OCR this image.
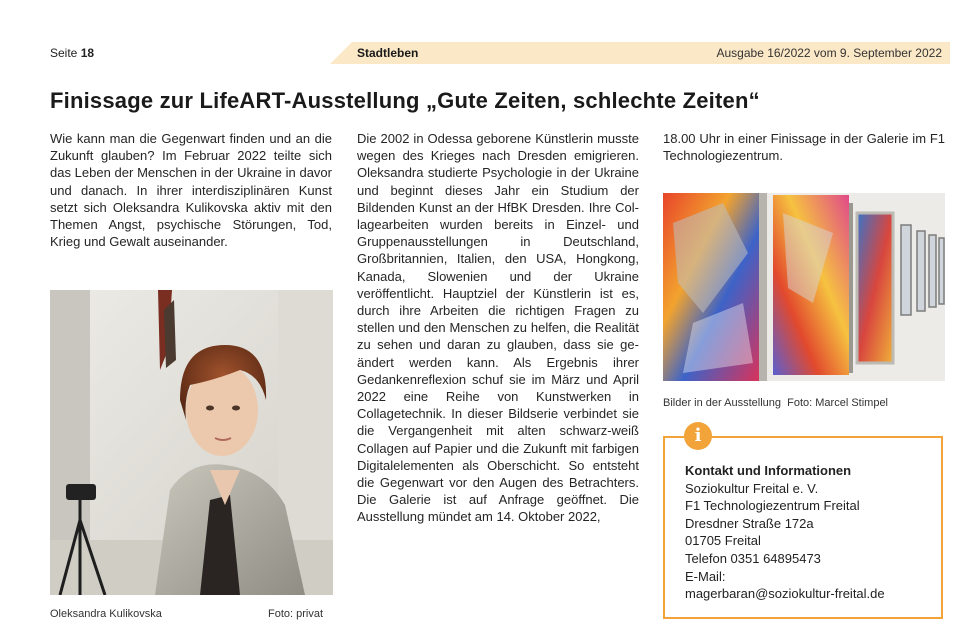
Seite 18	Stadtleben	Ausgabe 16/2022 vom 9. September 2022
Finissage zur LifeART-Ausstellung „Gute Zeiten, schlechte Zeiten“

Wie kann man die Gegenwart finden und an die Zukunft glauben? Im Februar 2022 teilte sich das Leben der Menschen in der Ukraine in davor und danach. In ihrer interdisziplinären Kunst setzt sich Oleksandra Kulikovska aktiv mit den Themen Angst, psychische Störungen, Tod, Krieg und Gewalt auseinander.

Oleksandra Kulikovska	Foto: privat

Die 2002 in Odessa geborene Künstlerin musste wegen des Krieges nach Dresden emigrieren. Oleksandra studierte Psychologie in der Ukraine und beginnt dieses Jahr ein Studium der Bildenden Kunst an der HfBK Dresden. Ihre Collagearbeiten wurden bereits in Einzel- und Gruppenausstellungen in Deutschland, Großbritannien, Italien, den USA, Hongkong, Kanada, Slowenien und der Ukraine veröffentlicht. Hauptziel der Künstlerin ist es, durch ihre Arbeiten die richtigen Fragen zu stellen und den Menschen zu helfen, die Realität zu sehen und daran zu glauben, dass sie geändert werden kann. Als Ergebnis ihrer Gedankenreflexion schuf sie im März und April 2022 eine Reihe von Kunstwerken in Collagetechnik. In dieser Bildserie verbindet sie die Vergangenheit mit alten schwarz-weiß Collagen auf Papier und die Zukunft mit farbigen Digitalelementen als Oberschicht. So entsteht die Gegenwart vor den Augen des Betrachters. Die Galerie ist auf Anfrage geöffnet. Die Ausstellung mündet am 14. Oktober 2022,

18.00 Uhr in einer Finissage in der Galerie im F1 Technologiezentrum.

Bilder in der Ausstellung Foto: Marcel Stimpel
i
Kontakt und Informationen
Soziokultur Freital e. V.
F1 Technologiezentrum Freital
Dresdner Straße 172a
01705 Freital
Telefon 0351 64895473
E-Mail:
magerbaran@soziokultur-freital.de
